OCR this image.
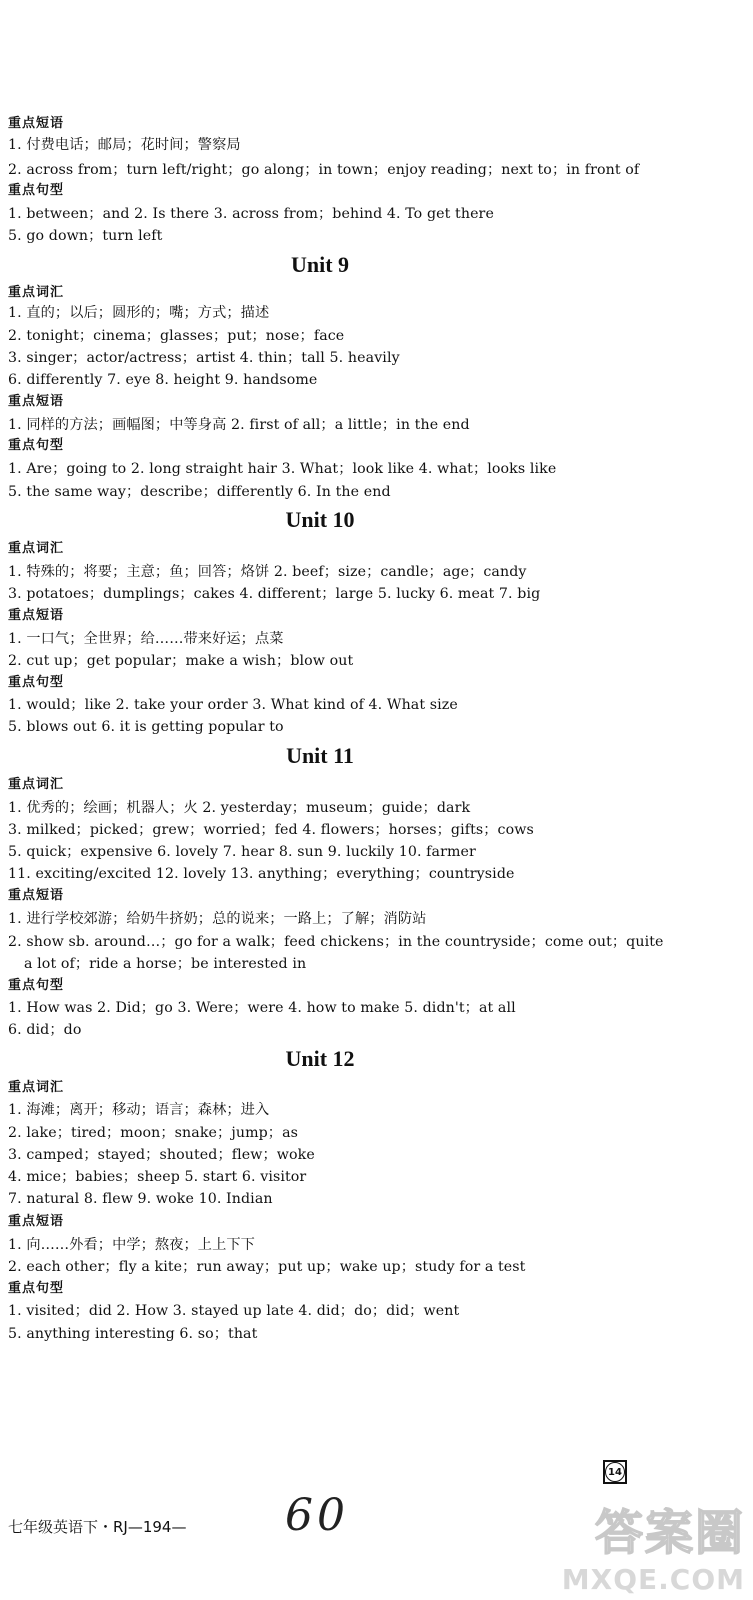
重点短语

1. 付费电话；邮局；花时间；警察局

2. across from；turn left/right；go along；in town；enjoy reading；next to；in front of

重点句型

1. between；and 2. Is there 3. across from；behind 4. To get there

5. go down；turn left

Unit 9
重点词汇

1. 直的；以后；圆形的；嘴；方式；描述

2. tonight；cinema；glasses；put；nose；face

3. singer；actor/actress；artist 4. thin；tall 5. heavily

6. differently 7. eye 8. height 9. handsome

重点短语

1. 同样的方法；画幅图；中等身高 2. first of all；a little；in the end

重点句型

1. Are；going to 2. long straight hair 3. What；look like 4. what；looks like

5. the same way；describe；differently 6. In the end

Unit 10
重点词汇

1. 特殊的；将要；主意；鱼；回答；烙饼 2. beef；size；candle；age；candy

3. potatoes；dumplings；cakes 4. different；large 5. lucky 6. meat 7. big

重点短语

1. 一口气；全世界；给……带来好运；点菜

2. cut up；get popular；make a wish；blow out

重点句型

1. would；like 2. take your order 3. What kind of 4. What size

5. blows out 6. it is getting popular to

Unit 11
重点词汇

1. 优秀的；绘画；机器人；火 2. yesterday；museum；guide；dark

3. milked；picked；grew；worried；fed 4. flowers；horses；gifts；cows

5. quick；expensive 6. lovely 7. hear 8. sun 9. luckily 10. farmer

11. exciting/excited 12. lovely 13. anything；everything；countryside

重点短语

1. 进行学校郊游；给奶牛挤奶；总的说来；一路上；了解；消防站

2. show sb. around…；go for a walk；feed chickens；in the countryside；come out；quite

a lot of；ride a horse；be interested in

重点句型

1. How was 2. Did；go 3. Were；were 4. how to make 5. didn't；at all

6. did；do

Unit 12
重点词汇

1. 海滩；离开；移动；语言；森林；进入

2. lake；tired；moon；snake；jump；as

3. camped；stayed；shouted；flew；woke

4. mice；babies；sheep 5. start 6. visitor

7. natural 8. flew 9. woke 10. Indian

重点短语

1. 向……外看；中学；熬夜；上上下下

2. each other；fly a kite；run away；put up；wake up；study for a test

重点句型

1. visited；did 2. How 3. stayed up late 4. did；do；did；went

5. anything interesting 6. so；that

14
七年级英语下・RJ—194— 60	答案圈
MXQE.COM
